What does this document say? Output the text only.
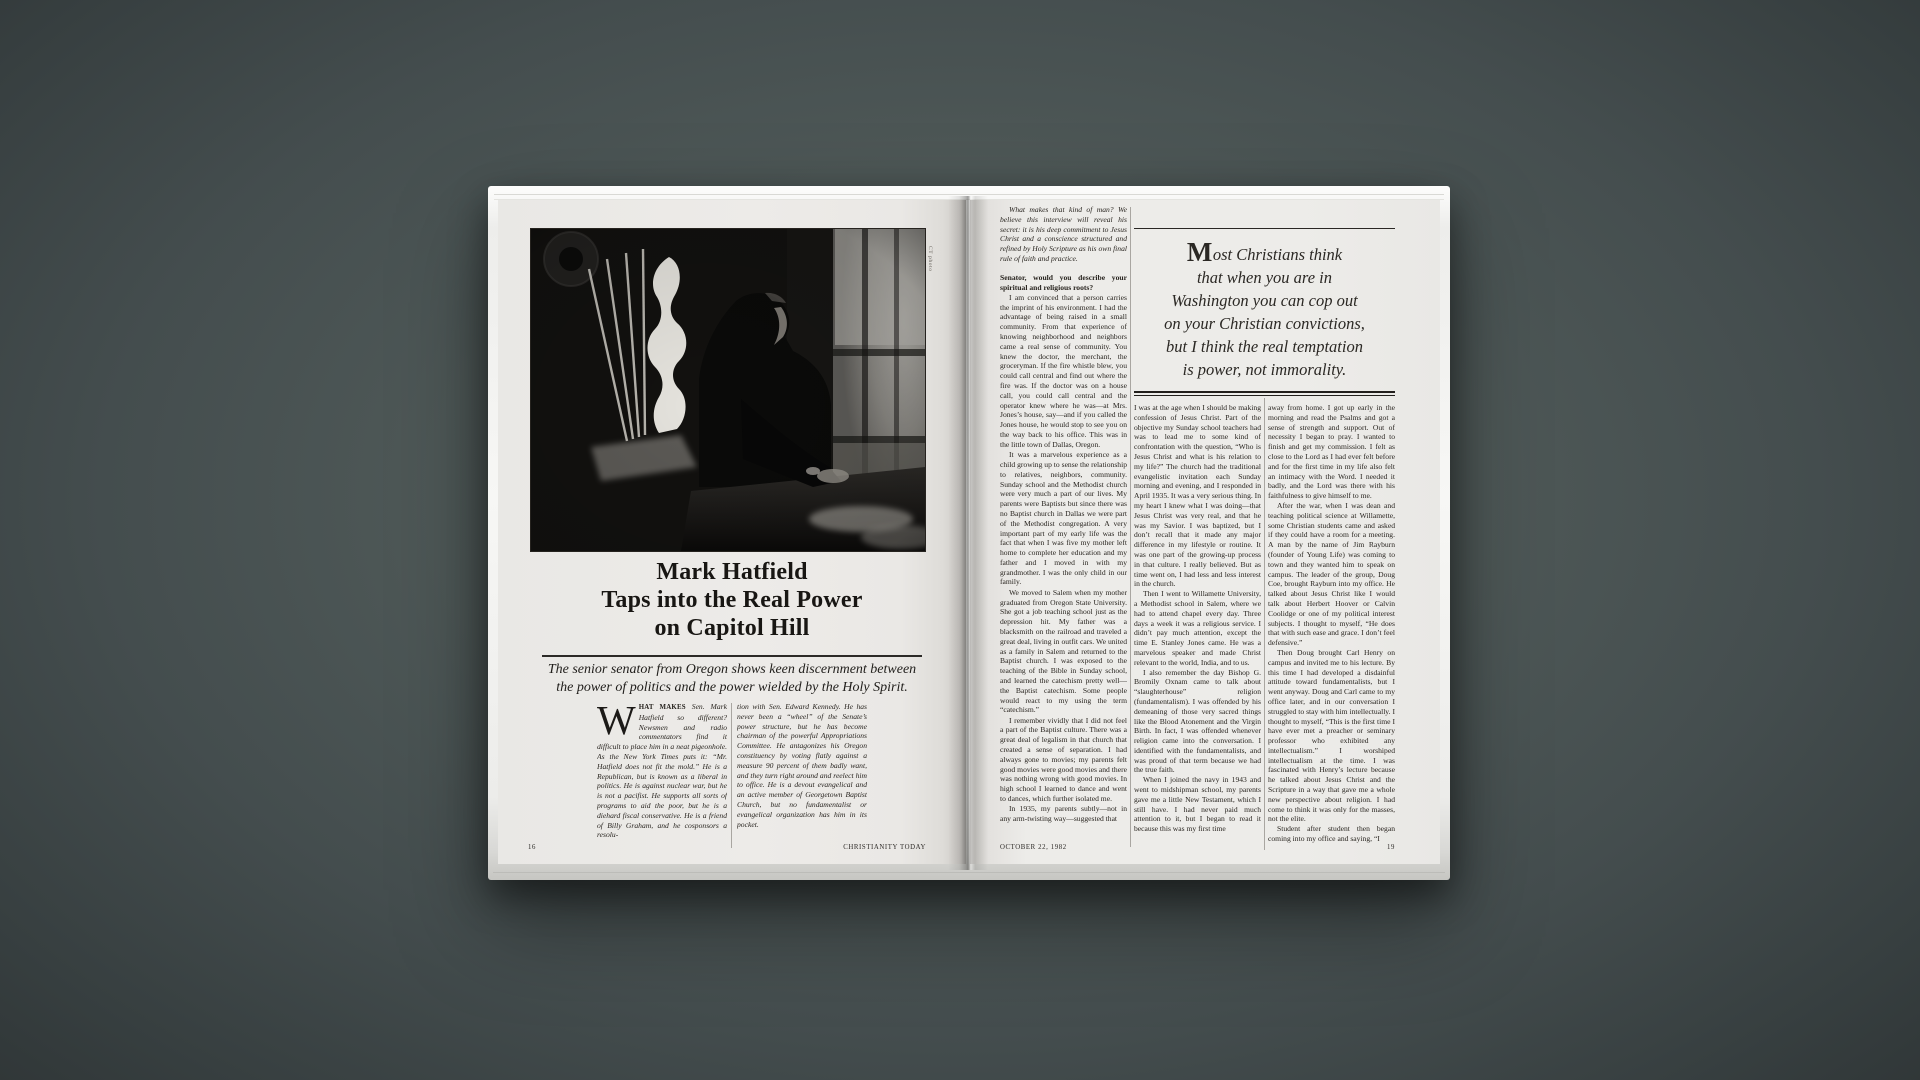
CT photo
Mark Hatfield
Taps into the Real Power
on Capitol Hill

The senior senator from Oregon shows keen discernment between
the power of politics and the power wielded by the Holy Spirit.

WHAT MAKES Sen. Mark Hatfield so different? Newsmen and radio commentators find it difficult to place him in a neat pigeonhole. As the New York Times puts it: “Mr. Hatfield does not fit the mold.” He is a Republican, but is known as a liberal in politics. He is against nuclear war, but he is not a pacifist. He supports all sorts of programs to aid the poor, but he is a diehard fiscal conservative. He is a friend of Billy Graham, and he cosponsors a resolu-
tion with Sen. Edward Kennedy. He has never been a “wheel” of the Senate’s power structure, but he has become chairman of the powerful Appropriations Committee. He antagonizes his Oregon constituency by voting flatly against a measure 90 percent of them badly want, and they turn right around and reelect him to office. He is a devout evangelical and an active member of Georgetown Baptist Church, but no fundamentalist or evangelical organization has him in its pocket.
16	CHRISTIANITY TODAY

What makes that kind of man? We believe this interview will reveal his secret: it is his deep commitment to Jesus Christ and a conscience structured and refined by Holy Scripture as his own final rule of faith and practice.

Senator, would you describe your spiritual and religious roots?

I am convinced that a person carries the imprint of his environment. I had the advantage of being raised in a small community. From that experience of knowing neighborhood and neighbors came a real sense of community. You knew the doctor, the merchant, the groceryman. If the fire whistle blew, you could call central and find out where the fire was. If the doctor was on a house call, you could call central and the operator knew where he was—at Mrs. Jones’s house, say—and if you called the Jones house, he would stop to see you on the way back to his office. This was in the little town of Dallas, Oregon.

It was a marvelous experience as a child growing up to sense the relationship to relatives, neighbors, community. Sunday school and the Methodist church were very much a part of our lives. My parents were Baptists but since there was no Baptist church in Dallas we were part of the Methodist congregation. A very important part of my early life was the fact that when I was five my mother left home to complete her education and my father and I moved in with my grandmother. I was the only child in our family.

We moved to Salem when my mother graduated from Oregon State University. She got a job teaching school just as the depression hit. My father was a blacksmith on the railroad and traveled a great deal, living in outfit cars. We united as a family in Salem and returned to the Baptist church. I was exposed to the teaching of the Bible in Sunday school, and learned the catechism pretty well—the Baptist catechism. Some people would react to my using the term “catechism.”

I remember vividly that I did not feel a part of the Baptist culture. There was a great deal of legalism in that church that created a sense of separation. I had always gone to movies; my parents felt good movies were good movies and there was nothing wrong with good movies. In high school I learned to dance and went to dances, which further isolated me.

In 1935, my parents subtly—not in any arm-twisting way—suggested that

Most Christians think
that when you are in
Washington you can cop out
on your Christian convictions,
but I think the real temptation
is power, not immorality.

I was at the age when I should be making confession of Jesus Christ. Part of the objective my Sunday school teachers had was to lead me to some kind of confrontation with the question, “Who is Jesus Christ and what is his relation to my life?” The church had the traditional evangelistic invitation each Sunday morning and evening, and I responded in April 1935. It was a very serious thing. In my heart I knew what I was doing—that Jesus Christ was very real, and that he was my Savior. I was baptized, but I don’t recall that it made any major difference in my lifestyle or routine. It was one part of the growing-up process in that culture. I really believed. But as time went on, I had less and less interest in the church.

Then I went to Willamette University, a Methodist school in Salem, where we had to attend chapel every day. Three days a week it was a religious service. I didn’t pay much attention, except the time E. Stanley Jones came. He was a marvelous speaker and made Christ relevant to the world, India, and to us.

I also remember the day Bishop G. Bromily Oxnam came to talk about “slaughterhouse” religion (fundamentalism). I was offended by his demeaning of those very sacred things like the Blood Atonement and the Virgin Birth. In fact, I was offended whenever religion came into the conversation. I identified with the fundamentalists, and was proud of that term because we had the true faith.

When I joined the navy in 1943 and went to midshipman school, my parents gave me a little New Testament, which I still have. I had never paid much attention to it, but I began to read it because this was my first time

away from home. I got up early in the morning and read the Psalms and got a sense of strength and support. Out of necessity I began to pray. I wanted to finish and get my commission. I felt as close to the Lord as I had ever felt before and for the first time in my life also felt an intimacy with the Word. I needed it badly, and the Lord was there with his faithfulness to give himself to me.

After the war, when I was dean and teaching political science at Willamette, some Christian students came and asked if they could have a room for a meeting. A man by the name of Jim Rayburn (founder of Young Life) was coming to town and they wanted him to speak on campus. The leader of the group, Doug Coe, brought Rayburn into my office. He talked about Jesus Christ like I would talk about Herbert Hoover or Calvin Coolidge or one of my political interest subjects. I thought to myself, “He does that with such ease and grace. I don’t feel defensive.”

Then Doug brought Carl Henry on campus and invited me to his lecture. By this time I had developed a disdainful attitude toward fundamentalists, but I went anyway. Doug and Carl came to my office later, and in our conversation I struggled to stay with him intellectually. I thought to myself, “This is the first time I have ever met a preacher or seminary professor who exhibited any intellectualism.” I worshiped intellectualism at the time. I was fascinated with Henry’s lecture because he talked about Jesus Christ and the Scripture in a way that gave me a whole new perspective about religion. I had come to think it was only for the masses, not the elite.

Student after student then began coming into my office and saying, “I

OCTOBER 22, 1982	19
